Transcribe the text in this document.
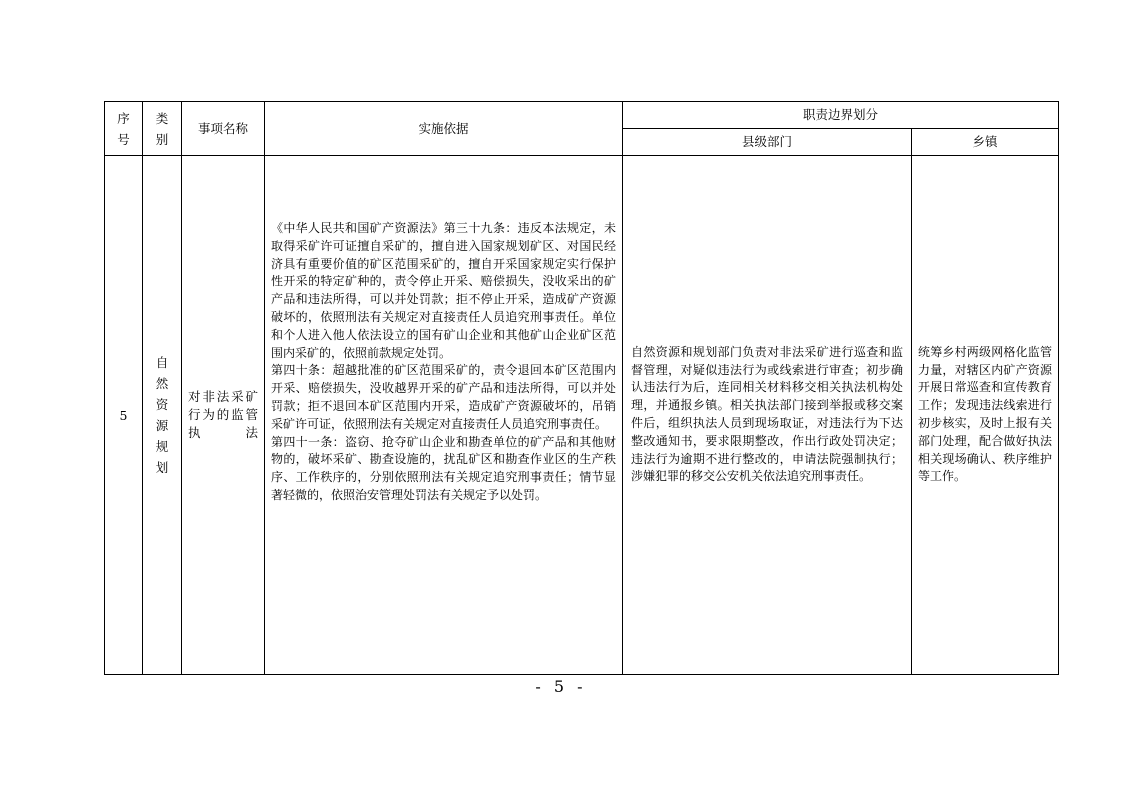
序号	类别	事项名称	实施依据	职责边界划分	
				县级部门	乡镇
5	自然资源规划	对非法采矿行为的监管执法	《中华人民共和国矿产资源法》第三十九条：违反本法规定，未取得采矿许可证擅自采矿的，擅自进入国家规划矿区、对国民经济具有重要价值的矿区范围采矿的，擅自开采国家规定实行保护性开采的特定矿种的，责令停止开采、赔偿损失，没收采出的矿产品和违法所得，可以并处罚款；拒不停止开采，造成矿产资源破坏的，依照刑法有关规定对直接责任人员追究刑事责任。单位和个人进入他人依法设立的国有矿山企业和其他矿山企业矿区范围内采矿的，依照前款规定处罚。

第四十条：超越批准的矿区范围采矿的，责令退回本矿区范围内开采、赔偿损失，没收越界开采的矿产品和违法所得，可以并处罚款；拒不退回本矿区范围内开采，造成矿产资源破坏的，吊销采矿许可证，依照刑法有关规定对直接责任人员追究刑事责任。

第四十一条：盗窃、抢夺矿山企业和勘查单位的矿产品和其他财物的，破坏采矿、勘查设施的，扰乱矿区和勘查作业区的生产秩序、工作秩序的，分别依照刑法有关规定追究刑事责任；情节显著轻微的，依照治安管理处罚法有关规定予以处罚。	自然资源和规划部门负责对非法采矿进行巡查和监督管理，对疑似违法行为或线索进行审查；初步确认违法行为后，连同相关材料移交相关执法机构处理，并通报乡镇。相关执法部门接到举报或移交案件后，组织执法人员到现场取证，对违法行为下达整改通知书，要求限期整改，作出行政处罚决定；违法行为逾期不进行整改的，申请法院强制执行；涉嫌犯罪的移交公安机关依法追究刑事责任。	统筹乡村两级网格化监管力量，对辖区内矿产资源开展日常巡查和宣传教育工作；发现违法线索进行初步核实，及时上报有关部门处理，配合做好执法相关现场确认、秩序维护等工作。
- 5 -
